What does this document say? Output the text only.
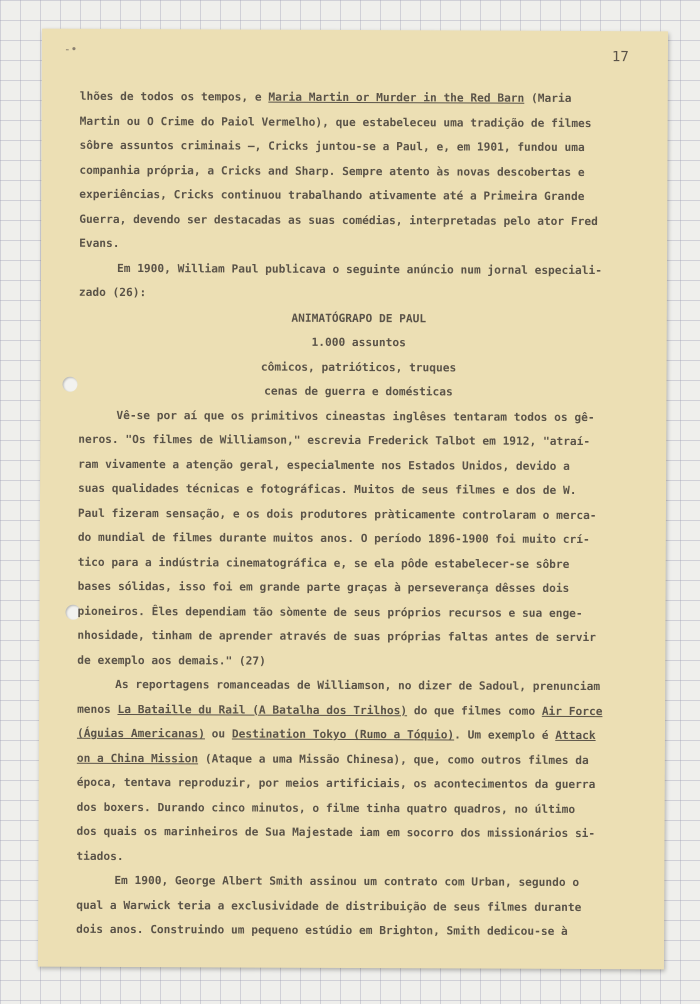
-•	17
lhões de todos os tempos, e Maria Martin or Murder in the Red Barn (Maria
Martin ou O Crime do Paiol Vermelho), que estabeleceu uma tradição de filmes
sôbre assuntos criminais —, Cricks juntou-se a Paul, e, em 1901, fundou uma
companhia própria, a Cricks and Sharp. Sempre atento às novas descobertas e
experiências, Cricks continuou trabalhando ativamente até a Primeira Grande
Guerra, devendo ser destacadas as suas comédias, interpretadas pelo ator Fred
Evans.
Em 1900, William Paul publicava o seguinte anúncio num jornal especiali-
zado (26):
ANIMATÓGRAPO DE PAUL
1.000 assuntos
cômicos, patrióticos, truques
cenas de guerra e domésticas
Vê-se por aí que os primitivos cineastas inglêses tentaram todos os gê-
neros. "Os filmes de Williamson," escrevia Frederick Talbot em 1912, "atraí-
ram vivamente a atenção geral, especialmente nos Estados Unidos, devido a
suas qualidades técnicas e fotográficas. Muitos de seus filmes e dos de W.
Paul fizeram sensação, e os dois produtores pràticamente controlaram o merca-
do mundial de filmes durante muitos anos. O período 1896-1900 foi muito crí-
tico para a indústria cinematográfica e, se ela pôde estabelecer-se sôbre
bases sólidas, isso foi em grande parte graças à perseverança dêsses dois
pioneiros. Êles dependiam tão sòmente de seus próprios recursos e sua enge-
nhosidade, tinham de aprender através de suas próprias faltas antes de servir
de exemplo aos demais." (27)
As reportagens romanceadas de Williamson, no dizer de Sadoul, prenunciam
menos La Bataille du Rail (A Batalha dos Trilhos) do que filmes como Air Force
(Águias Americanas) ou Destination Tokyo (Rumo a Tóquio). Um exemplo é Attack
on a China Mission (Ataque a uma Missão Chinesa), que, como outros filmes da
época, tentava reproduzir, por meios artificiais, os acontecimentos da guerra
dos boxers. Durando cinco minutos, o filme tinha quatro quadros, no último
dos quais os marinheiros de Sua Majestade iam em socorro dos missionários si-
tiados.
Em 1900, George Albert Smith assinou um contrato com Urban, segundo o
qual a Warwick teria a exclusividade de distribuição de seus filmes durante
dois anos. Construindo um pequeno estúdio em Brighton, Smith dedicou-se à
